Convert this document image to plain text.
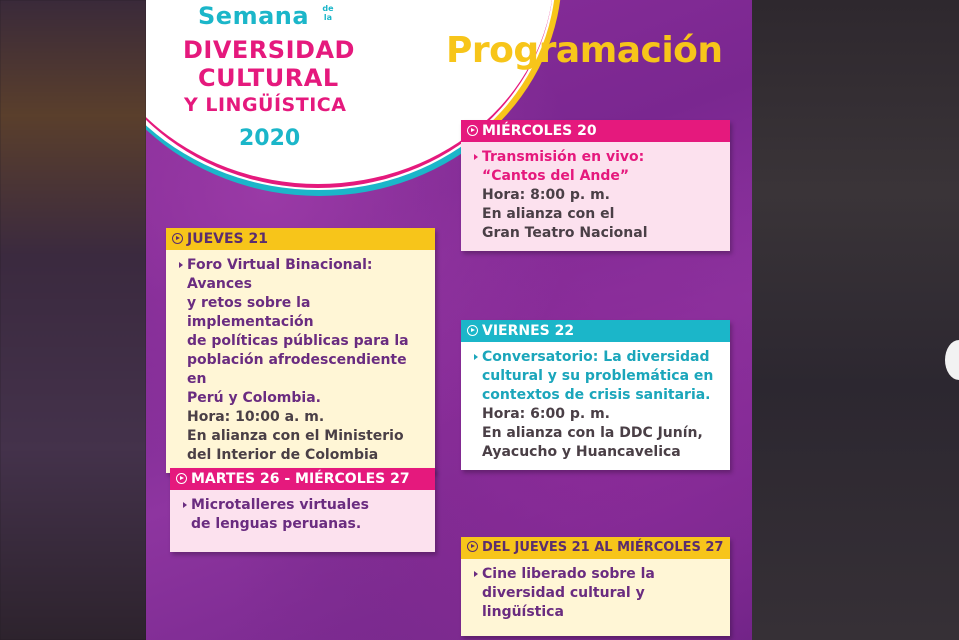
Semana de la
DIVERSIDAD
CULTURAL
Y LINGÜÍSTICA
2020
Programación
MIÉRCOLES 20
Transmisión en vivo:
“Cantos del Ande”
Hora: 8:00 p. m.
En alianza con el
Gran Teatro Nacional
JUEVES 21
Foro Virtual Binacional: Avances
y retos sobre la implementación
de políticas públicas para la
población afrodescendiente en
Perú y Colombia.
Hora: 10:00 a. m.
En alianza con el Ministerio
del Interior de Colombia
VIERNES 22
Conversatorio: La diversidad
cultural y su problemática en
contextos de crisis sanitaria.
Hora: 6:00 p. m.
En alianza con la DDC Junín,
Ayacucho y Huancavelica
MARTES 26 - MIÉRCOLES 27
Microtalleres virtuales
de lenguas peruanas.
DEL JUEVES 21 AL MIÉRCOLES 27
Cine liberado sobre la
diversidad cultural y lingüística
